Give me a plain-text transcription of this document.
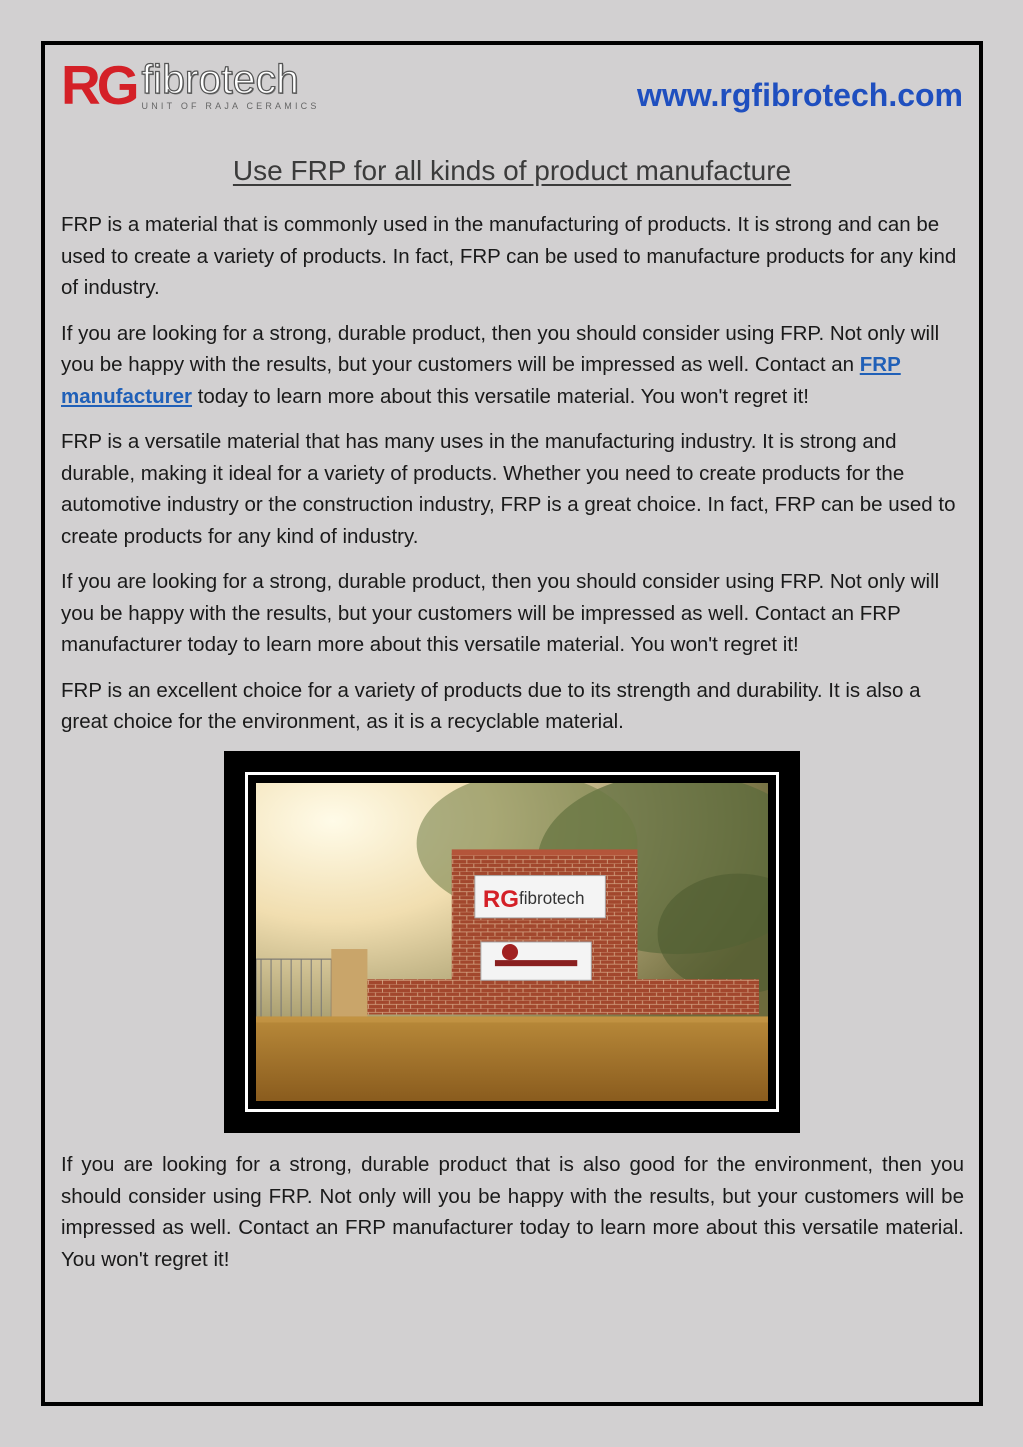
RG fibrotech
UNIT OF RAJA CERAMICS	www.rgfibrotech.com
Use FRP for all kinds of product manufacture

FRP is a material that is commonly used in the manufacturing of products. It is strong and can be used to create a variety of products. In fact, FRP can be used to manufacture products for any kind of industry.

If you are looking for a strong, durable product, then you should consider using FRP. Not only will you be happy with the results, but your customers will be impressed as well. Contact an FRP manufacturer today to learn more about this versatile material. You won't regret it!

FRP is a versatile material that has many uses in the manufacturing industry. It is strong and durable, making it ideal for a variety of products. Whether you need to create products for the automotive industry or the construction industry, FRP is a great choice. In fact, FRP can be used to create products for any kind of industry.

If you are looking for a strong, durable product, then you should consider using FRP. Not only will you be happy with the results, but your customers will be impressed as well. Contact an FRP manufacturer today to learn more about this versatile material. You won't regret it!

FRP is an excellent choice for a variety of products due to its strength and durability. It is also a great choice for the environment, as it is a recyclable material.

RG fibrotech

If you are looking for a strong, durable product that is also good for the environment, then you should consider using FRP. Not only will you be happy with the results, but your customers will be impressed as well. Contact an FRP manufacturer today to learn more about this versatile material. You won't regret it!
